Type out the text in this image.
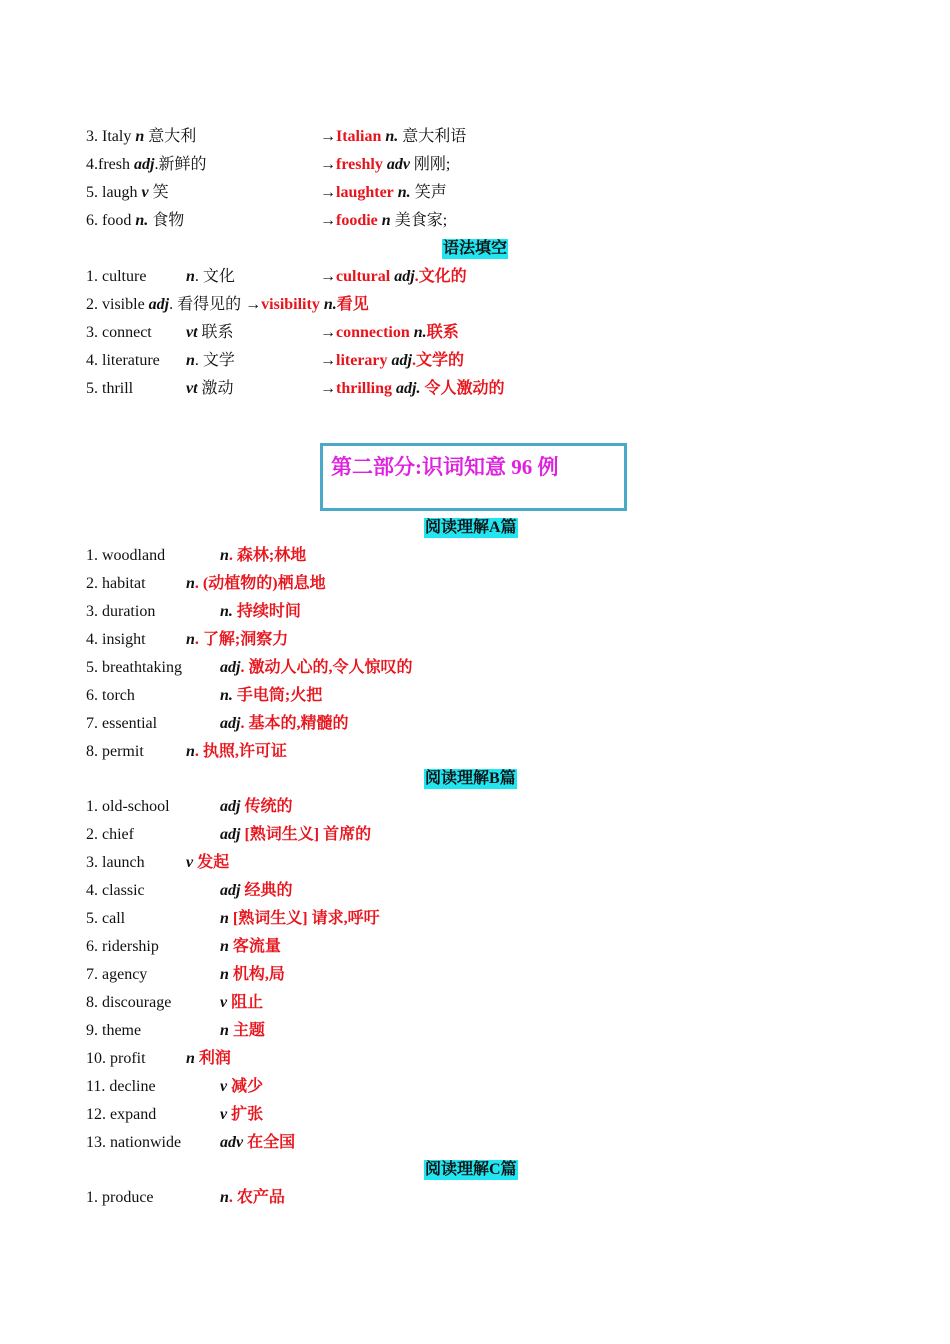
3. Italy n 意大利	→Italian n. 意大利语
4.fresh adj.新鲜的	→freshly adv 刚刚;
5. laugh v 笑	→laughter n. 笑声
6. food n. 食物	→foodie n 美食家;
语法填空
1. culture n. 文化	→cultural adj.文化的
2. visible adj. 看得见的 →visibility n.看见
3. connect vt 联系	→connection n.联系
4. literature n. 文学	→literary adj.文学的
5. thrill	vt 激动	→thrilling adj. 令人激动的
第二部分:识词知意 96 例
阅读理解A篇
1. woodland	n. 森林;林地
2. habitat	n. (动植物的)栖息地
3. duration	n. 持续时间
4. insight	n. 了解;洞察力
5. breathtaking adj. 激动人心的,令人惊叹的
6. torch	n. 手电筒;火把
7. essential	adj. 基本的,精髓的
8. permit	n. 执照,许可证
阅读理解B篇
1. old-school	adj 传统的
2. chief	adj [熟词生义] 首席的
3. launch	v 发起
4. classic	adj 经典的
5. call	n [熟词生义] 请求,呼吁
6. ridership	n 客流量
7. agency	n 机构,局
8. discourage	v 阻止
9. theme	n 主题
10. profit	n 利润
11. decline	v 减少
12. expand	v 扩张
13. nationwide adv 在全国
阅读理解C篇
1. produce	n. 农产品
